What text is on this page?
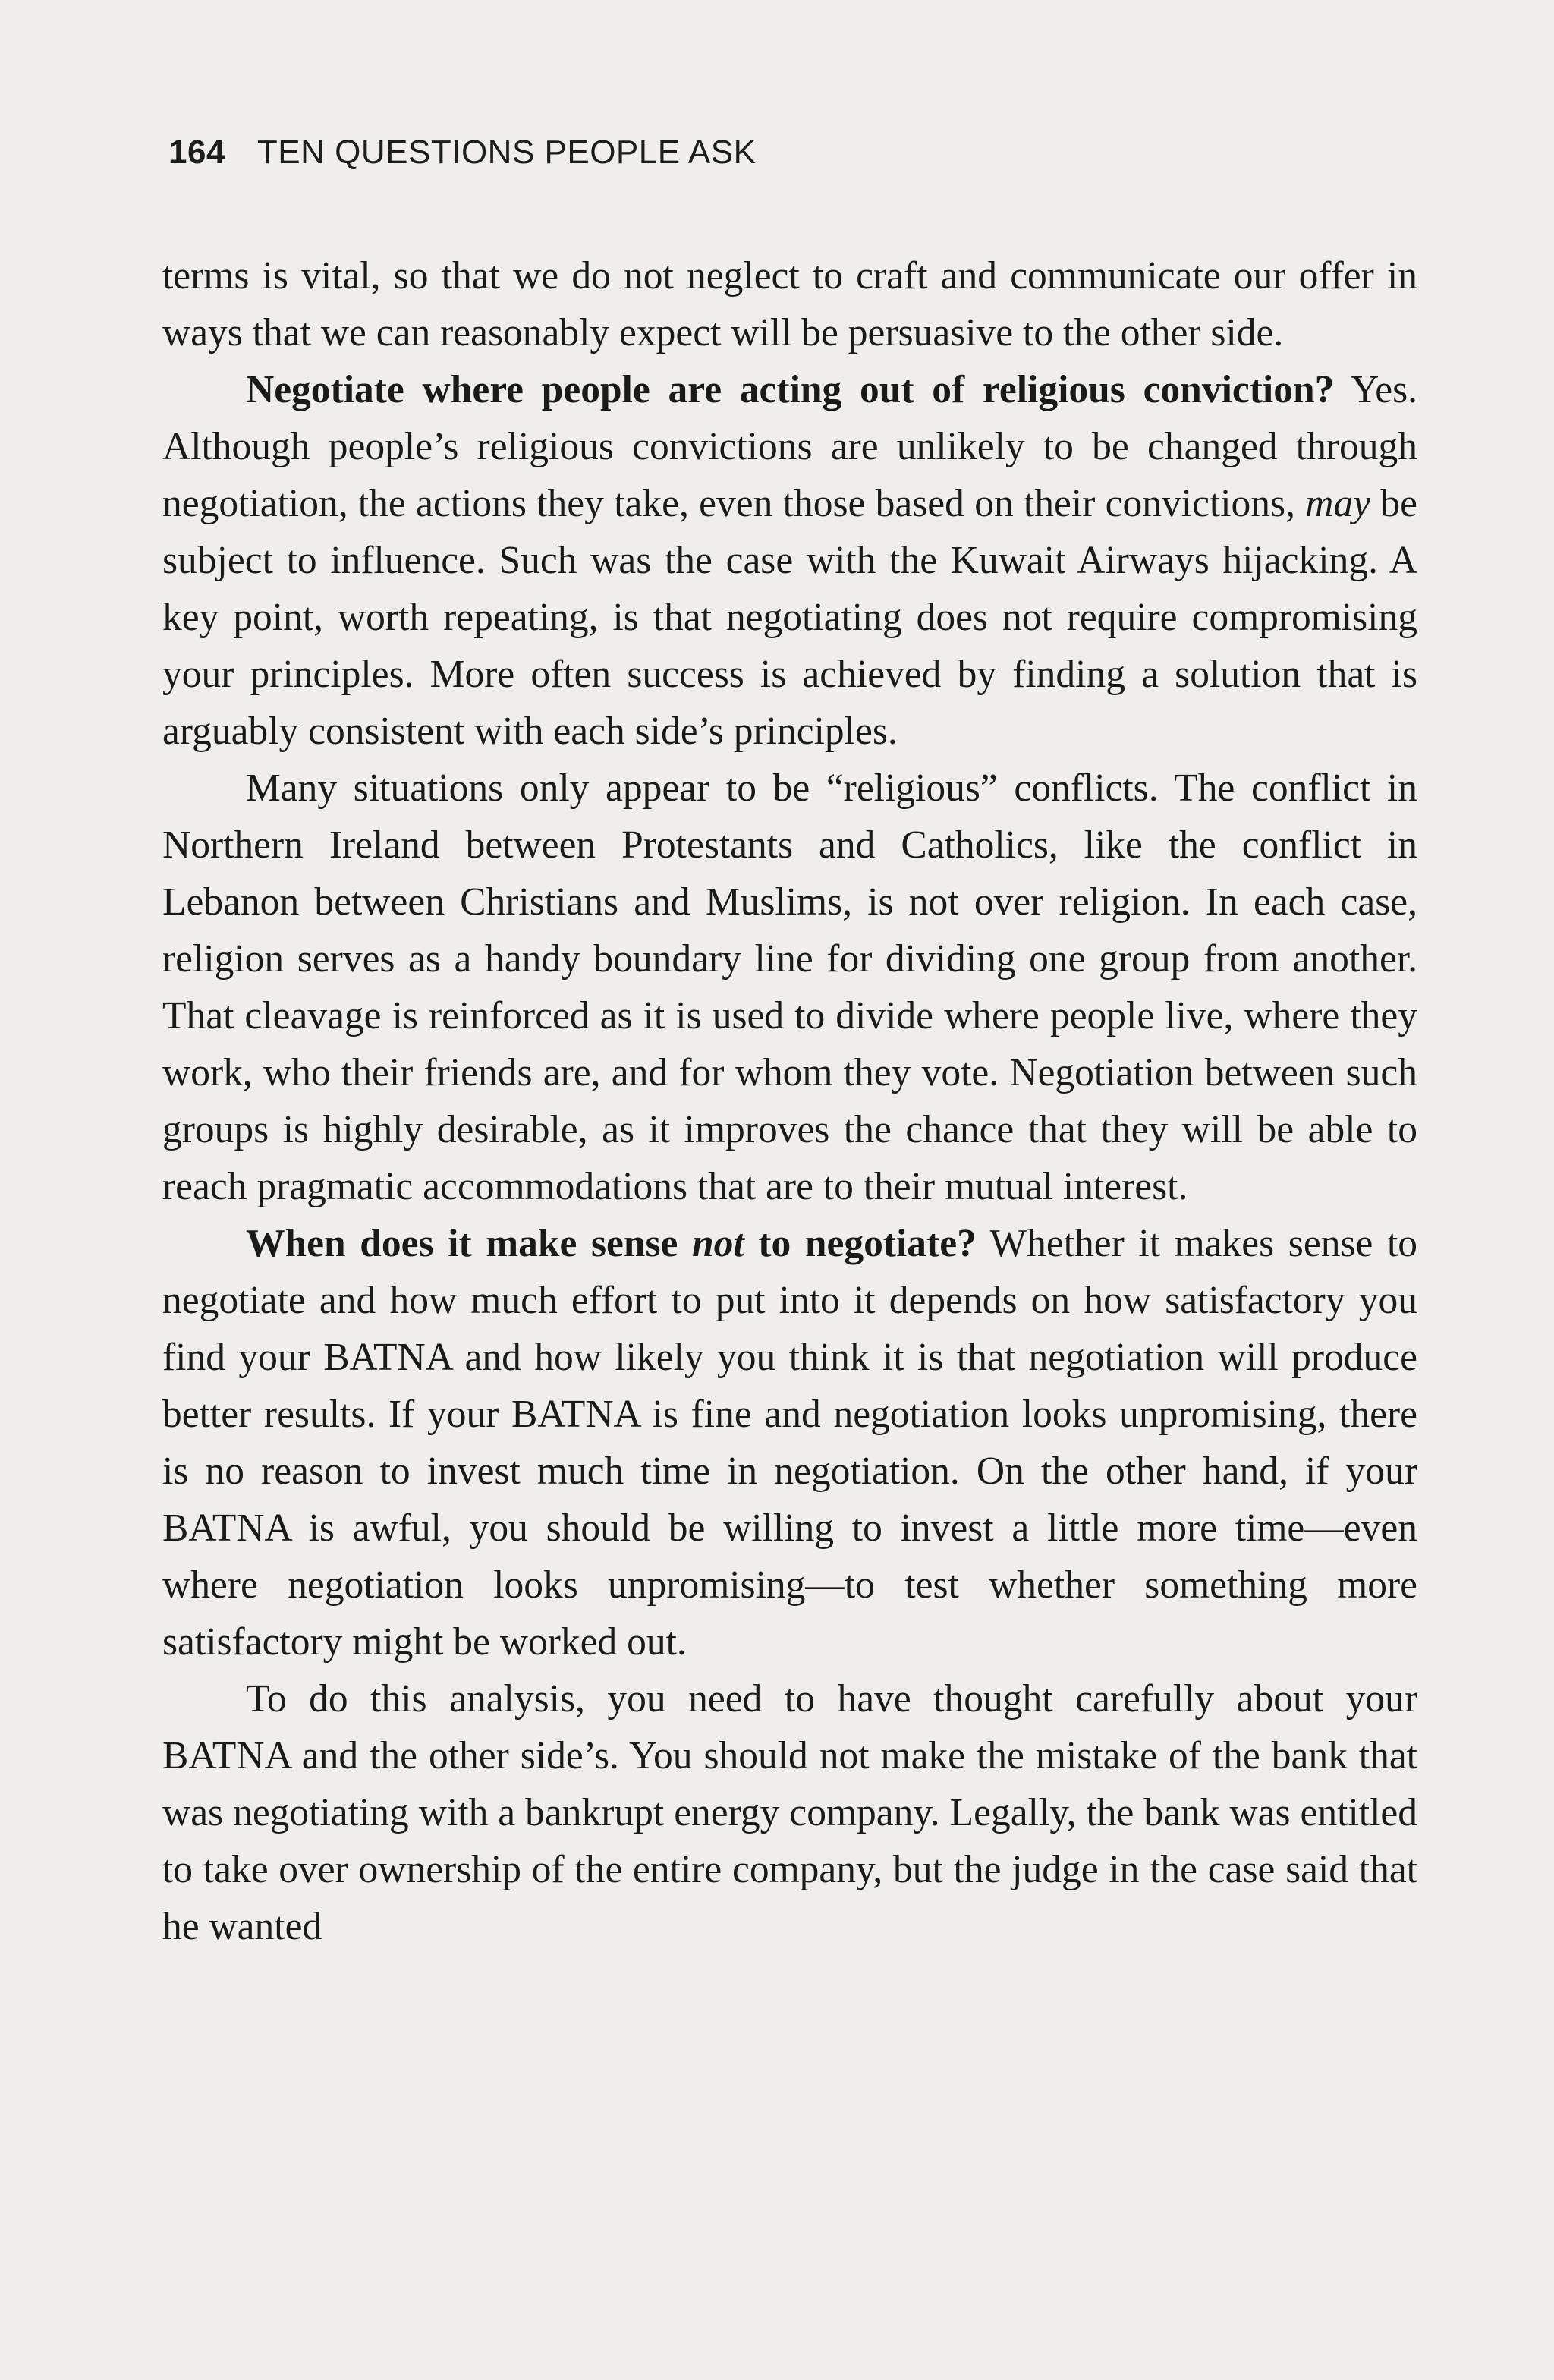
164 TEN QUESTIONS PEOPLE ASK

terms is vital, so that we do not neglect to craft and communicate our offer in ways that we can reasonably expect will be persuasive to the other side.

Negotiate where people are acting out of religious conviction? Yes. Although people’s religious convictions are unlikely to be changed through negotiation, the actions they take, even those based on their convictions, may be subject to influence. Such was the case with the Kuwait Airways hijacking. A key point, worth repeating, is that negotiating does not require compromising your principles. More often success is achieved by finding a solution that is arguably consistent with each side’s principles.

Many situations only appear to be “religious” conflicts. The conflict in Northern Ireland between Protestants and Catholics, like the conflict in Lebanon between Christians and Muslims, is not over religion. In each case, religion serves as a handy boundary line for dividing one group from another. That cleavage is reinforced as it is used to divide where people live, where they work, who their friends are, and for whom they vote. Negotiation between such groups is highly desirable, as it improves the chance that they will be able to reach pragmatic accommodations that are to their mutual interest.

When does it make sense not to negotiate? Whether it makes sense to negotiate and how much effort to put into it depends on how satisfactory you find your BATNA and how likely you think it is that negotiation will produce better results. If your BATNA is fine and negotiation looks unpromising, there is no reason to invest much time in negotiation. On the other hand, if your BATNA is awful, you should be willing to invest a little more time—even where negotiation looks unpromising—to test whether something more satisfactory might be worked out.

To do this analysis, you need to have thought carefully about your BATNA and the other side’s. You should not make the mistake of the bank that was negotiating with a bankrupt energy company. Legally, the bank was entitled to take over ownership of the entire company, but the judge in the case said that he wanted
